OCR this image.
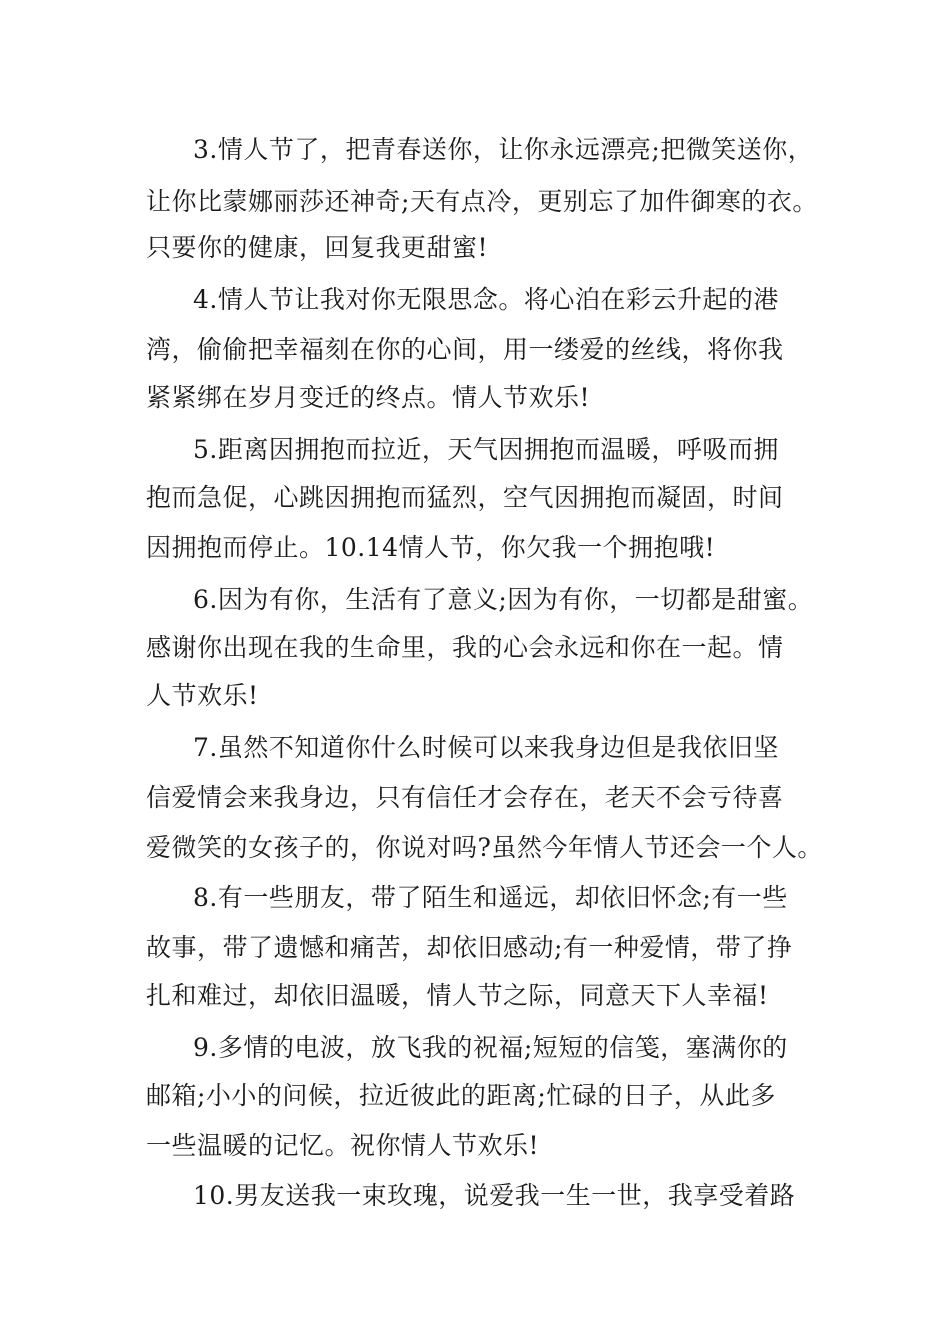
3.情人节了，把青春送你，让你永远漂亮;把微笑送你，
让你比蒙娜丽莎还神奇;天有点冷，更别忘了加件御寒的衣。
只要你的健康，回复我更甜蜜!
4.情人节让我对你无限思念。将心泊在彩云升起的港
湾，偷偷把幸福刻在你的心间，用一缕爱的丝线，将你我
紧紧绑在岁月变迁的终点。情人节欢乐!
5.距离因拥抱而拉近，天气因拥抱而温暖，呼吸而拥
抱而急促，心跳因拥抱而猛烈，空气因拥抱而凝固，时间
因拥抱而停止。10.14情人节，你欠我一个拥抱哦!
6.因为有你，生活有了意义;因为有你，一切都是甜蜜。
感谢你出现在我的生命里，我的心会永远和你在一起。情
人节欢乐!
7.虽然不知道你什么时候可以来我身边但是我依旧坚
信爱情会来我身边，只有信任才会存在，老天不会亏待喜
爱微笑的女孩子的，你说对吗?虽然今年情人节还会一个人。
8.有一些朋友，带了陌生和遥远，却依旧怀念;有一些
故事，带了遗憾和痛苦，却依旧感动;有一种爱情，带了挣
扎和难过，却依旧温暖，情人节之际，同意天下人幸福!
9.多情的电波，放飞我的祝福;短短的信笺，塞满你的
邮箱;小小的问候，拉近彼此的距离;忙碌的日子，从此多
一些温暖的记忆。祝你情人节欢乐!
10.男友送我一束玫瑰，说爱我一生一世，我享受着路
